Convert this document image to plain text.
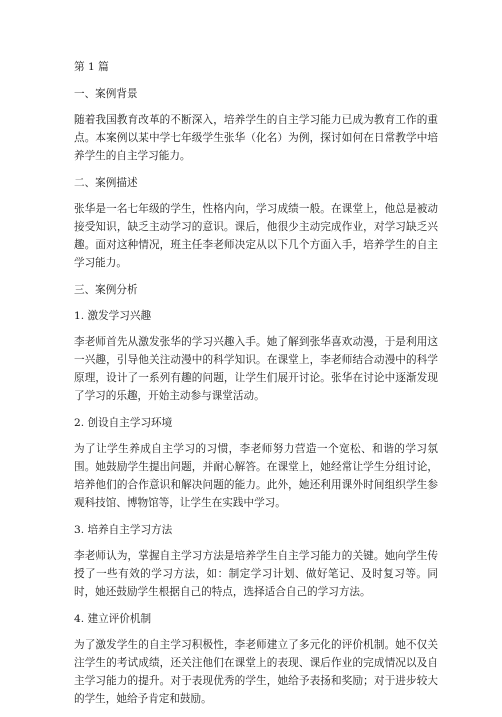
第 1 篇
一、案例背景
随着我国教育改革的不断深入，培养学生的自主学习能力已成为教育工作的重点。本案例以某中学七年级学生张华（化名）为例，探讨如何在日常教学中培养学生的自主学习能力。
二、案例描述
张华是一名七年级的学生，性格内向，学习成绩一般。在课堂上，他总是被动接受知识，缺乏主动学习的意识。课后，他很少主动完成作业，对学习缺乏兴趣。面对这种情况，班主任李老师决定从以下几个方面入手，培养学生的自主学习能力。
三、案例分析
1. 激发学习兴趣
李老师首先从激发张华的学习兴趣入手。她了解到张华喜欢动漫，于是利用这一兴趣，引导他关注动漫中的科学知识。在课堂上，李老师结合动漫中的科学原理，设计了一系列有趣的问题，让学生们展开讨论。张华在讨论中逐渐发现了学习的乐趣，开始主动参与课堂活动。
2. 创设自主学习环境
为了让学生养成自主学习的习惯，李老师努力营造一个宽松、和谐的学习氛围。她鼓励学生提出问题，并耐心解答。在课堂上，她经常让学生分组讨论，培养他们的合作意识和解决问题的能力。此外，她还利用课外时间组织学生参观科技馆、博物馆等，让学生在实践中学习。
3. 培养自主学习方法
李老师认为，掌握自主学习方法是培养学生自主学习能力的关键。她向学生传授了一些有效的学习方法，如：制定学习计划、做好笔记、及时复习等。同时，她还鼓励学生根据自己的特点，选择适合自己的学习方法。
4. 建立评价机制
为了激发学生的自主学习积极性，李老师建立了多元化的评价机制。她不仅关注学生的考试成绩，还关注他们在课堂上的表现、课后作业的完成情况以及自主学习能力的提升。对于表现优秀的学生，她给予表扬和奖励；对于进步较大的学生，她给予肯定和鼓励。
